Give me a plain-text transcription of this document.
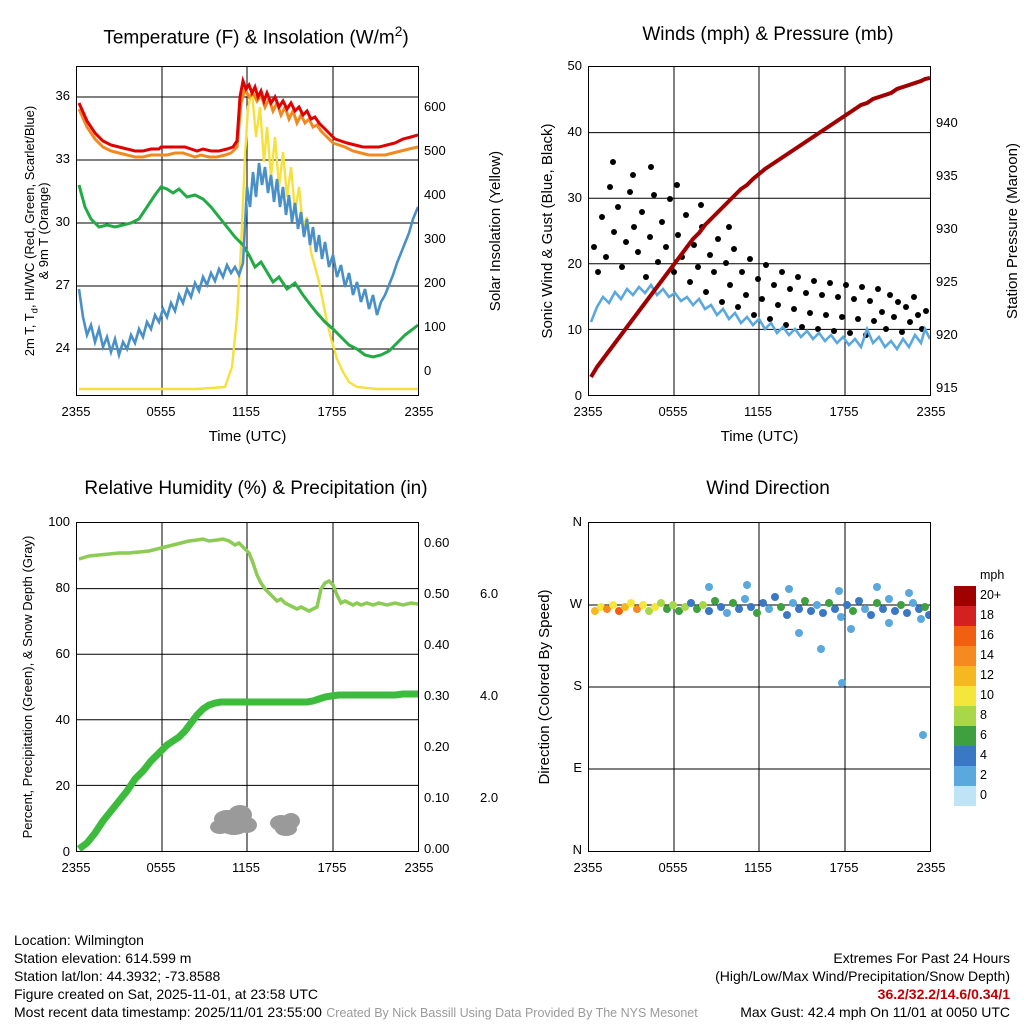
Temperature (F) & Insolation $(W/m^2)$
36
33
30
27
24
600
500
400
300
200
100
0
2355	0555	1155	1755	2355
Time (UTC)
2m T, $T_d$, HI/WC (Red, Green, Scarlet/Blue) & 9m T (Orange)	Solar Insolation (Yellow)
Winds (mph) & Pressure (mb)
50
40
30
20
10
0
940
935
930
925
920
915
2355	0555	1155	1755	2355
Time (UTC)
Sonic Wind & Gust (Blue, Black)	Station Pressure (Maroon)
Relative Humidity (%) & Precipitation (in)
100
80
60
40
20
0
0.60
0.50
0.40
0.30
0.20
0.10
0.00
6.0
4.0
2.0
2355	0555	1155	1755	2355
Percent, Precipitation (Green), & Snow Depth (Gray)
Wind Direction
N
W
S
E
N
2355	0555	1155	1755	2355
Direction (Colored By Speed)
mph
20+
18
16
14
12
10
8
6
4
2
0
Location: Wilmington
Station elevation: 614.599 m
Station lat/lon: 44.3932; -73.8588
Figure created on Sat, 2025-11-01, at 23:58 UTC
Most recent data timestamp: 2025/11/01 23:55:00
Extremes For Past 24 Hours
(High/Low/Max Wind/Precipitation/Snow Depth)
36.2/32.2/14.6/0.34/1
Max Gust: 42.4 mph On 11/01 at 0050 UTC
Created By Nick Bassill Using Data Provided By The NYS Mesonet
